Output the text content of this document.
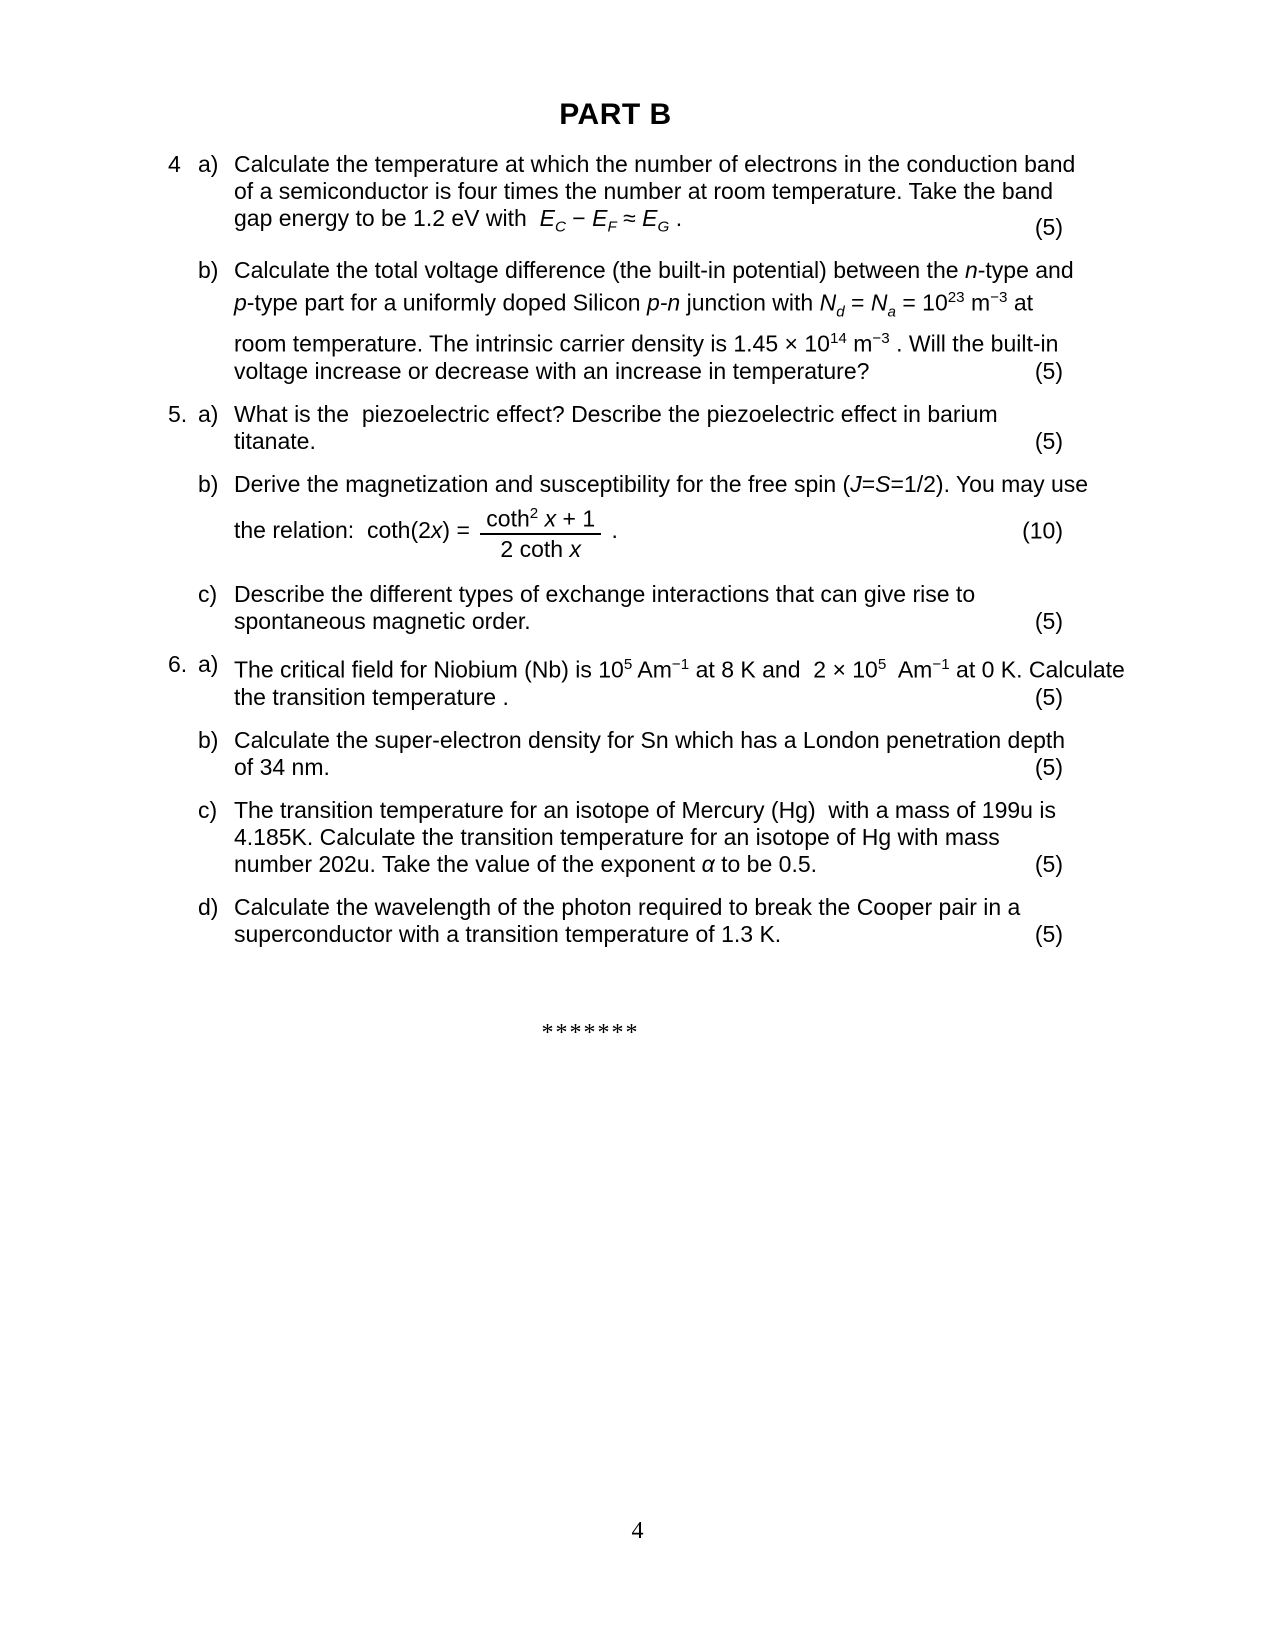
PART B
4 a) Calculate the temperature at which the number of electrons in the conduction band
of a semiconductor is four times the number at room temperature. Take the band
gap energy to be 1.2 eV with  $E_C - E_F \approx E_G$ .	(5)
b) Calculate the total voltage difference (the built-in potential) between the n-type and
p-type part for a uniformly doped Silicon p-n junction with $N_d = N_a = 10^{23}$ $m^{-3}$ at
room temperature. The intrinsic carrier density is $1.45 \times 10^{14}$ $m^{-3}$ . Will the built-in
voltage increase or decrease with an increase in temperature?	(5)
5. a) What is the  piezoelectric effect? Describe the piezoelectric effect in barium
titanate.	(5)
b) Derive the magnetization and susceptibility for the free spin (J=S=1/2). You may use
the relation:  $\cot h(2x) = \frac{\cot h^2 x + 1}{\text{2 coth x}}$ .	(10)
c) Describe the different types of exchange interactions that can give rise to
spontaneous magnetic order.	(5)
6. a) The critical field for Niobium (Nb) is $10^5$ $Am^{-1}$ at 8 K and  $2 \times 10^5$  $Am^{-1}$ at 0 K. Calculate
the transition temperature .	(5)
b) Calculate the super-electron density for Sn which has a London penetration depth
of 34 nm.	(5)
c) The transition temperature for an isotope of Mercury (Hg)  with a mass of 199u is
4.185K. Calculate the transition temperature for an isotope of Hg with mass
number 202u. Take the value of the exponent α to be 0.5.	(5)
d) Calculate the wavelength of the photon required to break the Cooper pair in a
superconductor with a transition temperature of 1.3 K.	(5)
*******
4
